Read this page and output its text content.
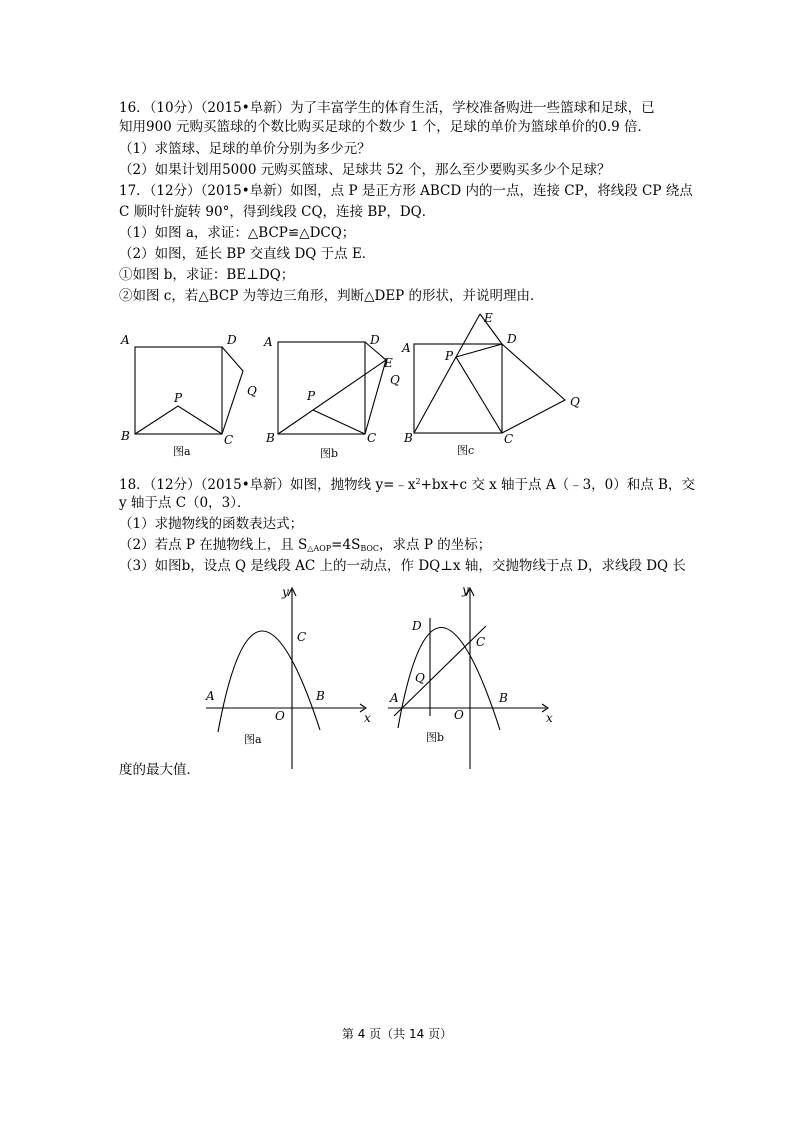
16．（10分）（2015•阜新）为了丰富学生的体育生活，学校准备购进一些篮球和足球，已
知用900 元购买篮球的个数比购买足球的个数少 1 个，足球的单价为篮球单价的0.9 倍．
（1）求篮球、足球的单价分别为多少元？
（2）如果计划用5000 元购买篮球、足球共 52 个，那么至少要购买多少个足球？
17．（12分）（2015•阜新）如图，点 P 是正方形 ABCD 内的一点，连接 CP，将线段 CP 绕点
C 顺时针旋转 90°，得到线段 CQ，连接 BP，DQ．
（1）如图 a，求证：△BCP≌△DCQ；
（2）如图，延长 BP 交直线 DQ 于点 E．
①如图 b，求证：BE⊥DQ；
②如图 c，若△BCP 为等边三角形，判断△DEP 的形状，并说明理由．
A
B	C
D
P	Q
图a
A
B	C
D
P
Q
E
图b
A
B	C
D
P
Q
E
图c
18．（12分）（2015•阜新）如图，抛物线 $y=﹣x^2+bx+c$ 交 x 轴于点 A（﹣3，0）和点 B，交
y 轴于点 C（0，3）．
（1）求抛物线的函数表达式；
（2）若点 P 在抛物线上，且 $S_{\triangle AOP}=4S_{BOC}$，求点 P 的坐标；
（3）如图b，设点 Q 是线段 AC 上的一动点，作 DQ⊥x 轴，交抛物线于点 D，求线段 DQ 长
A	B
C
O	x
y
图a
A	B
C
D
O
Q
x
y
图b
度的最大值．
第 4 页（共 14 页）
